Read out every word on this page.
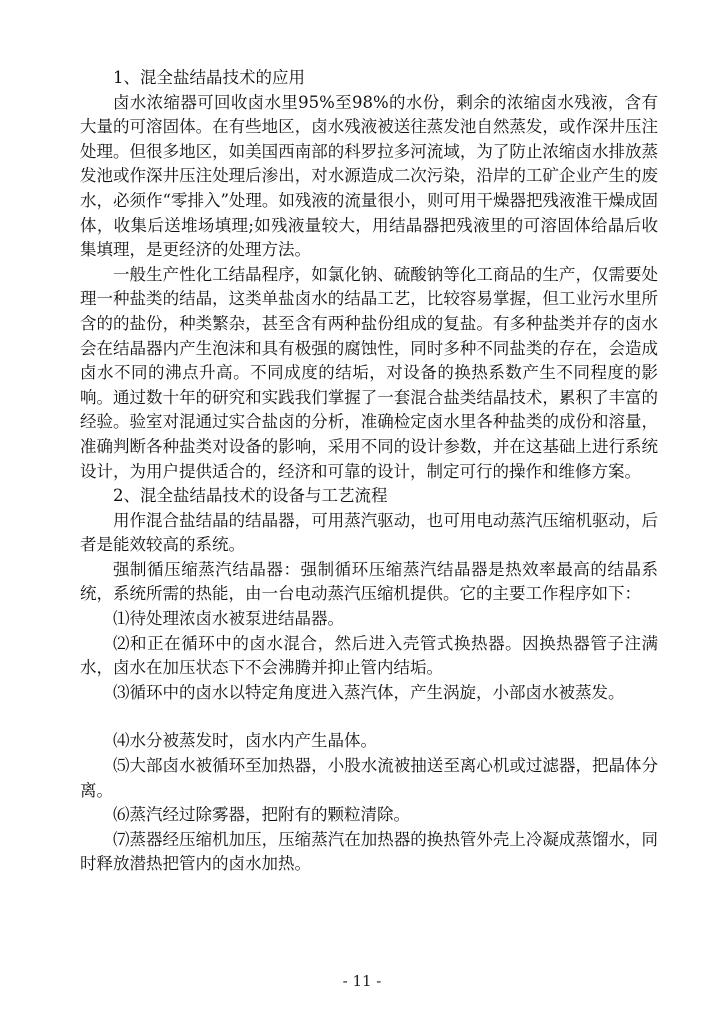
1、混全盐结晶技术的应用

卤水浓缩器可回收卤水里95%至98%的水份，剩余的浓缩卤水残液，含有大量的可溶固体。在有些地区，卤水残液被送往蒸发池自然蒸发，或作深井压注处理。但很多地区，如美国西南部的科罗拉多河流域，为了防止浓缩卤水排放蒸发池或作深井压注处理后渗出，对水源造成二次污染，沿岸的工矿企业产生的废水，必须作“零排入”处理。如残液的流量很小，则可用干燥器把残液淮干燥成固体，收集后送堆场填理;如残液量较大，用结晶器把残液里的可溶固体给晶后收集填理，是更经济的处理方法。

一般生产性化工结晶程序，如氯化钠、硫酸钠等化工商品的生产，仅需要处理一种盐类的结晶，这类单盐卤水的结晶工艺，比较容易掌握，但工业污水里所含的的盐份，种类繁杂，甚至含有两种盐份组成的复盐。有多种盐类并存的卤水会在结晶器内产生泡沫和具有极强的腐蚀性，同时多种不同盐类的存在，会造成卤水不同的沸点升高。不同成度的结垢，对设备的换热系数产生不同程度的影响。通过数十年的研究和实践我们掌握了一套混合盐类结晶技术，累积了丰富的经验。验室对混通过实合盐卤的分析，准确检定卤水里各种盐类的成份和溶量，准确判断各种盐类对设备的影响，采用不同的设计参数，并在这基础上进行系统设计，为用户提供适合的，经济和可靠的设计，制定可行的操作和维修方案。

2、混全盐结晶技术的设备与工艺流程

用作混合盐结晶的结晶器，可用蒸汽驱动，也可用电动蒸汽压缩机驱动，后者是能效较高的系统。

强制循压缩蒸汽结晶器：强制循环压缩蒸汽结晶器是热效率最高的结晶系统，系统所需的热能，由一台电动蒸汽压缩机提供。它的主要工作程序如下：

⑴待处理浓卤水被泵进结晶器。

⑵和正在循环中的卤水混合，然后进入壳管式换热器。因换热器管子注满水，卤水在加压状态下不会沸腾并抑止管内结垢。

⑶循环中的卤水以特定角度进入蒸汽体，产生涡旋，小部卤水被蒸发。

⑷水分被蒸发时，卤水内产生晶体。

⑸大部卤水被循环至加热器，小股水流被抽送至离心机或过滤器，把晶体分离。

⑹蒸汽经过除雾器，把附有的颗粒清除。

⑺蒸器经压缩机加压，压缩蒸汽在加热器的换热管外壳上冷凝成蒸馏水，同时释放潜热把管内的卤水加热。

- 11 -
